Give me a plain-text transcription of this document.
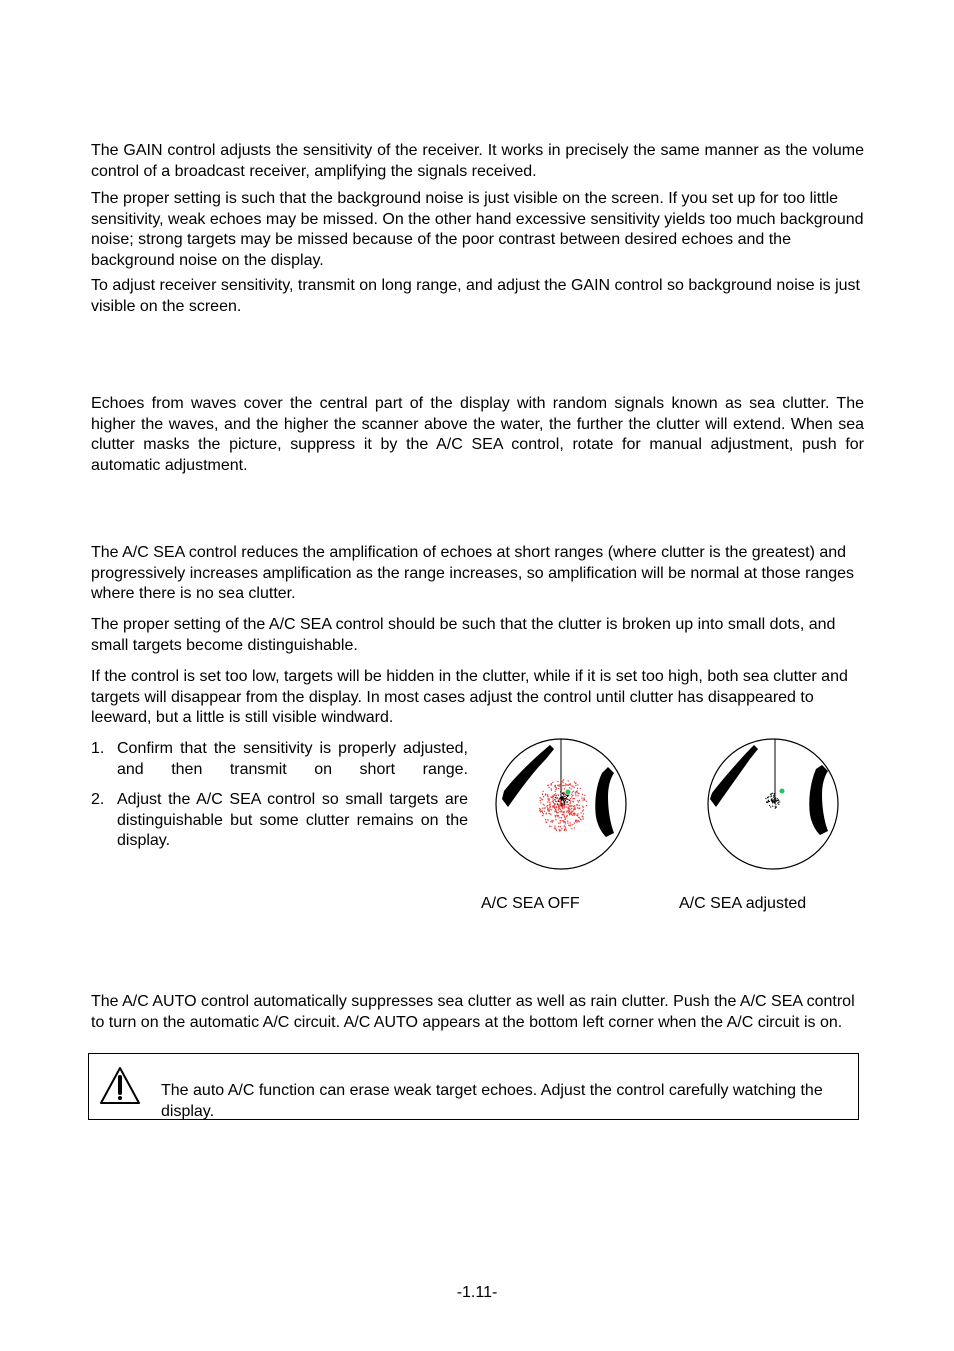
The GAIN control adjusts the sensitivity of the receiver. It works in precisely the same manner as the volume control of a broadcast receiver, amplifying the signals received.

The proper setting is such that the background noise is just visible on the screen. If you set up for too little sensitivity, weak echoes may be missed. On the other hand excessive sensitivity yields too much background noise; strong targets may be missed because of the poor contrast between desired echoes and the background noise on the display.

To adjust receiver sensitivity, transmit on long range, and adjust the GAIN control so background noise is just visible on the screen.

Echoes from waves cover the central part of the display with random signals known as sea clutter. The higher the waves, and the higher the scanner above the water, the further the clutter will extend. When sea clutter masks the picture, suppress it by the A/C SEA control, rotate for manual adjustment, push for automatic adjustment.

The A/C SEA control reduces the amplification of echoes at short ranges (where clutter is the greatest) and progressively increases amplification as the range increases, so amplification will be normal at those ranges where there is no sea clutter.

The proper setting of the A/C SEA control should be such that the clutter is broken up into small dots, and small targets become distinguishable.

If the control is set too low, targets will be hidden in the clutter, while if it is set too high, both sea clutter and targets will disappear from the display. In most cases adjust the control until clutter has disappeared to leeward, but a little is still visible windward.

1. Confirm that the sensitivity is properly adjusted, and then transmit on short range.
2. Adjust the A/C SEA control so small targets are distinguishable but some clutter remains on the display.
A/C SEA OFF	A/C SEA adjusted

The A/C AUTO control automatically suppresses sea clutter as well as rain clutter. Push the A/C SEA control to turn on the automatic A/C circuit. A/C AUTO appears at the bottom left corner when the A/C circuit is on.

The auto A/C function can erase weak target echoes. Adjust the control carefully watching the display.
-1.11-
